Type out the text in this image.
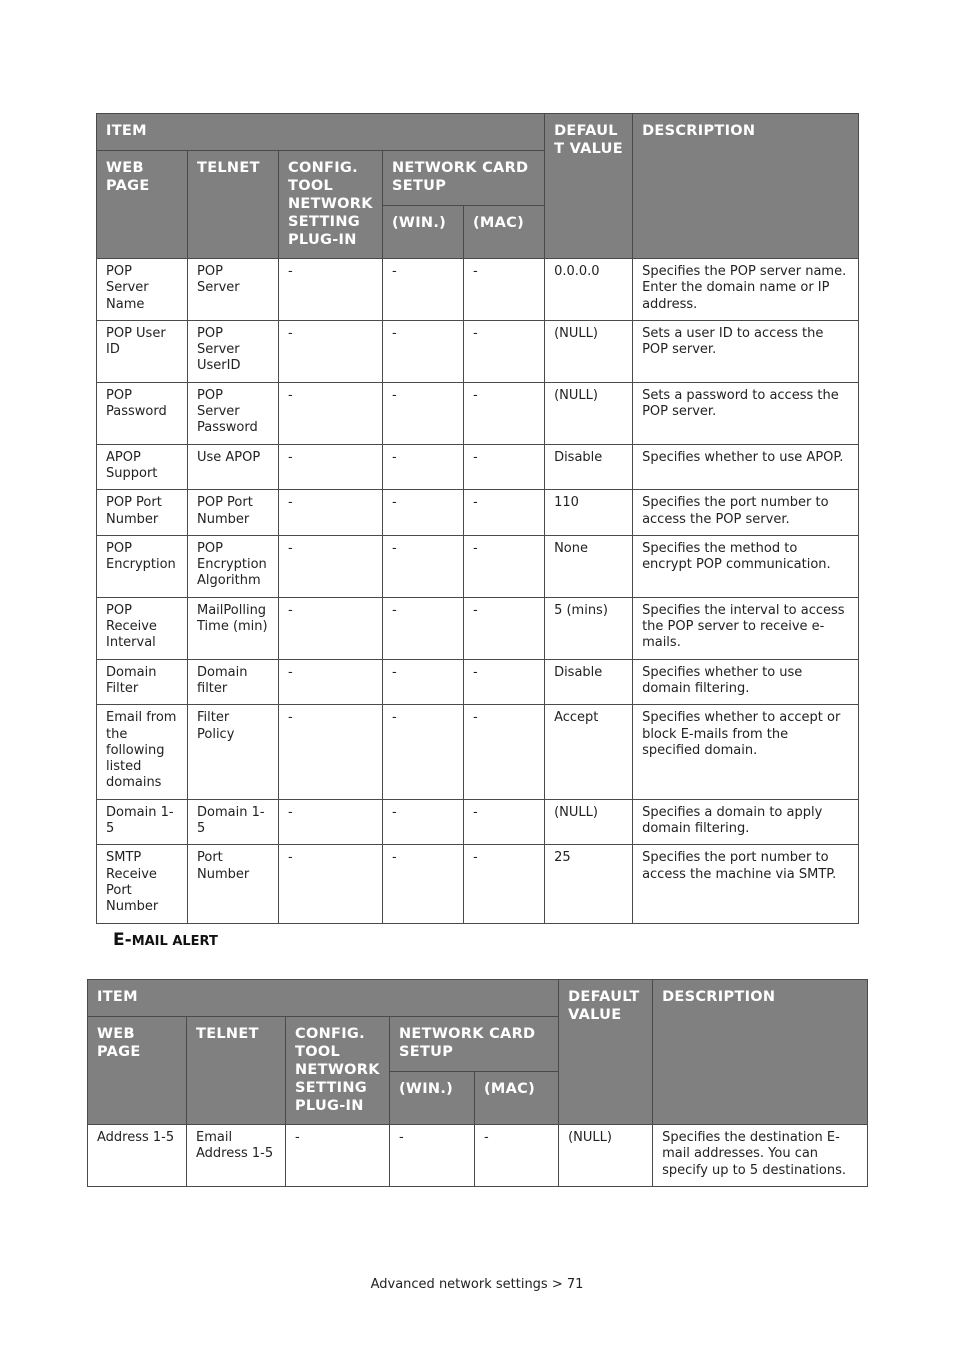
ITEM					DEFAUL T VALUE	DESCRIPTION
WEB PAGE	TELNET	CONFIG. TOOL NETWORK SETTING PLUG-IN	NETWORK CARD SETUP			
			(WIN.)	(MAC)		
POP Server Name	POP Server	-	-	-	0.0.0.0	Specifies the POP server name. Enter the domain name or IP address.
POP User ID	POP Server UserID	-	-	-	(NULL)	Sets a user ID to access the POP server.
POP Password	POP Server Password	-	-	-	(NULL)	Sets a password to access the POP server.
APOP Support	Use APOP	-	-	-	Disable	Specifies whether to use APOP.
POP Port Number	POP Port Number	-	-	-	110	Specifies the port number to access the POP server.
POP Encryption	POP Encryption Algorithm	-	-	-	None	Specifies the method to encrypt POP communication.
POP Receive Interval	MailPolling Time (min)	-	-	-	5 (mins)	Specifies the interval to access the POP server to receive e-mails.
Domain Filter	Domain filter	-	-	-	Disable	Specifies whether to use domain filtering.
Email from the following listed domains	Filter Policy	-	-	-	Accept	Specifies whether to accept or block E-mails from the specified domain.
Domain 1-5	Domain 1-5	-	-	-	(NULL)	Specifies a domain to apply domain filtering.
SMTP Receive Port Number	Port Number	-	-	-	25	Specifies the port number to access the machine via SMTP.
E-MAIL ALERT
ITEM					DEFAULT VALUE	DESCRIPTION
WEB PAGE	TELNET	CONFIG. TOOL NETWORK SETTING PLUG-IN	NETWORK CARD SETUP			
			(WIN.)	(MAC)		
Address 1-5	Email Address 1-5	-	-	-	(NULL)	Specifies the destination E-mail addresses. You can specify up to 5 destinations.
Advanced network settings > 71
